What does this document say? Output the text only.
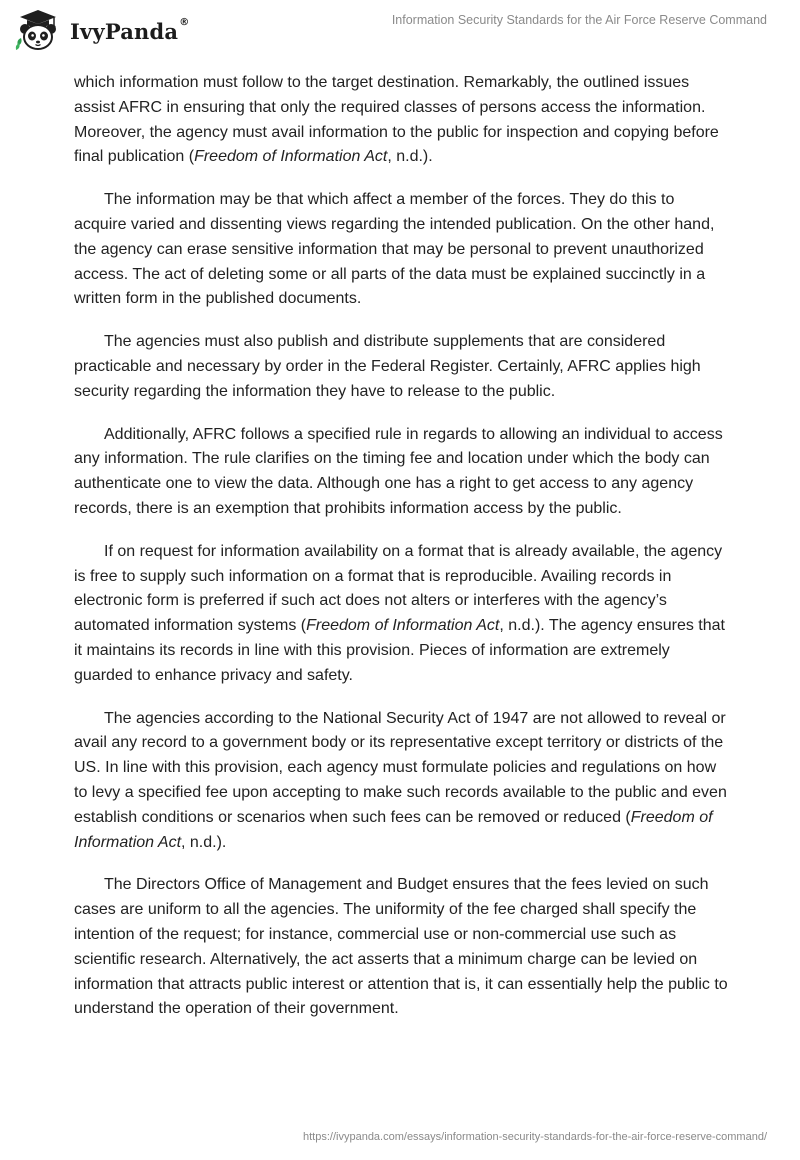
IvyPanda®	Information Security Standards for the Air Force Reserve Command

which information must follow to the target destination. Remarkably, the outlined issues assist AFRC in ensuring that only the required classes of persons access the information. Moreover, the agency must avail information to the public for inspection and copying before final publication (Freedom of Information Act, n.d.).

The information may be that which affect a member of the forces. They do this to acquire varied and dissenting views regarding the intended publication. On the other hand, the agency can erase sensitive information that may be personal to prevent unauthorized access. The act of deleting some or all parts of the data must be explained succinctly in a written form in the published documents.

The agencies must also publish and distribute supplements that are considered practicable and necessary by order in the Federal Register. Certainly, AFRC applies high security regarding the information they have to release to the public.

Additionally, AFRC follows a specified rule in regards to allowing an individual to access any information. The rule clarifies on the timing fee and location under which the body can authenticate one to view the data. Although one has a right to get access to any agency records, there is an exemption that prohibits information access by the public.

If on request for information availability on a format that is already available, the agency is free to supply such information on a format that is reproducible. Availing records in electronic form is preferred if such act does not alters or interferes with the agency’s automated information systems (Freedom of Information Act, n.d.). The agency ensures that it maintains its records in line with this provision. Pieces of information are extremely guarded to enhance privacy and safety.

The agencies according to the National Security Act of 1947 are not allowed to reveal or avail any record to a government body or its representative except territory or districts of the US. In line with this provision, each agency must formulate policies and regulations on how to levy a specified fee upon accepting to make such records available to the public and even establish conditions or scenarios when such fees can be removed or reduced (Freedom of Information Act, n.d.).

The Directors Office of Management and Budget ensures that the fees levied on such cases are uniform to all the agencies. The uniformity of the fee charged shall specify the intention of the request; for instance, commercial use or non-commercial use such as scientific research. Alternatively, the act asserts that a minimum charge can be levied on information that attracts public interest or attention that is, it can essentially help the public to understand the operation of their government.

https://ivypanda.com/essays/information-security-standards-for-the-air-force-reserve-command/
